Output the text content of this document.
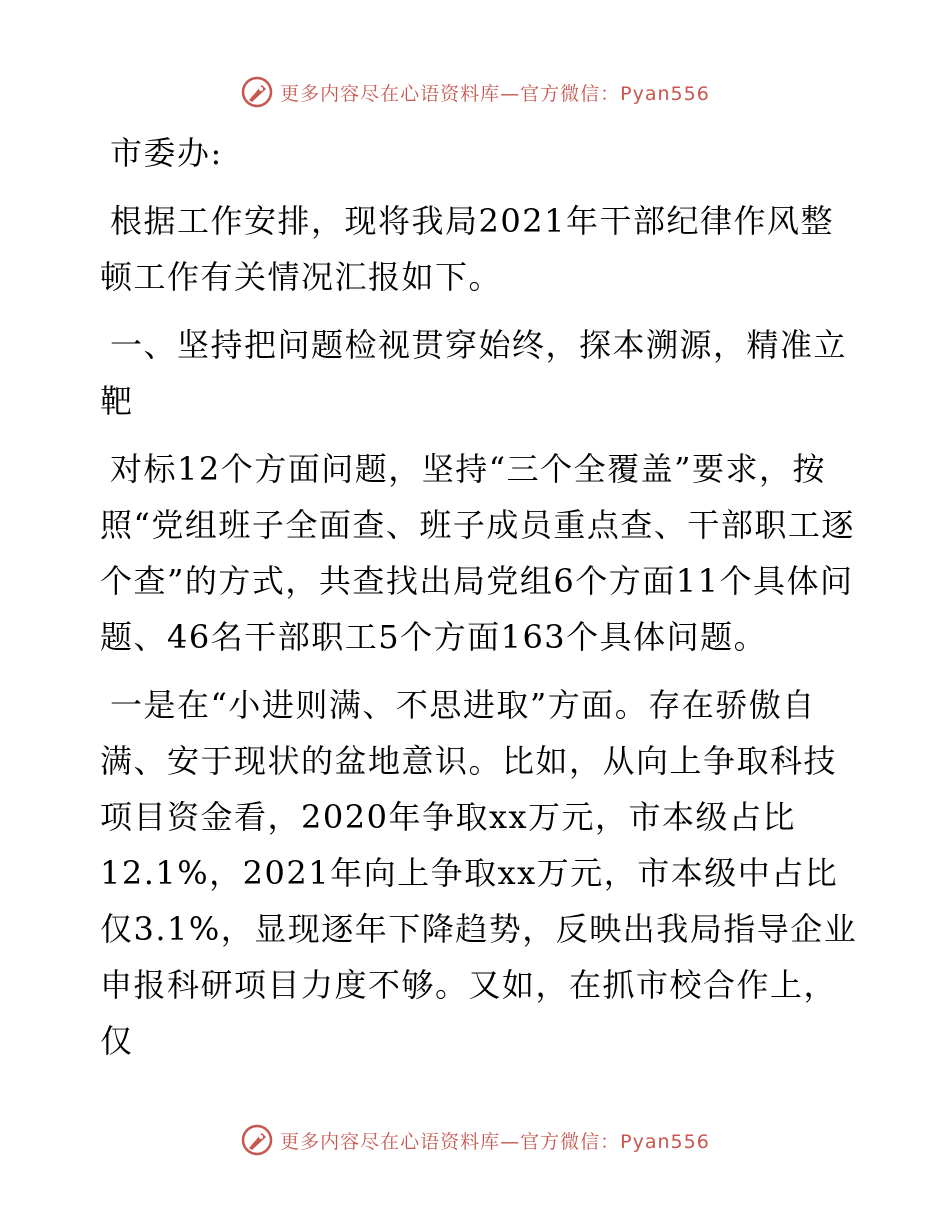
更多内容尽在心语资料库—官方微信：Pyan556

市委办:

根据工作安排，现将我局2021年干部纪律作风整顿工作有关情况汇报如下。

一、坚持把问题检视贯穿始终，探本溯源，精准立靶

对标12个方面问题，坚持“三个全覆盖”要求，按照“党组班子全面查、班子成员重点查、干部职工逐个查”的方式，共查找出局党组6个方面11个具体问题、46名干部职工5个方面163个具体问题。

一是在“小进则满、不思进取”方面。存在骄傲自满、安于现状的盆地意识。比如，从向上争取科技项目资金看，2020年争取xx万元，市本级占比12.1%，2021年向上争取xx万元，市本级中占比仅3.1%，显现逐年下降趋势，反映出我局指导企业申报科研项目力度不够。又如，在抓市校合作上，仅

更多内容尽在心语资料库—官方微信：Pyan556
